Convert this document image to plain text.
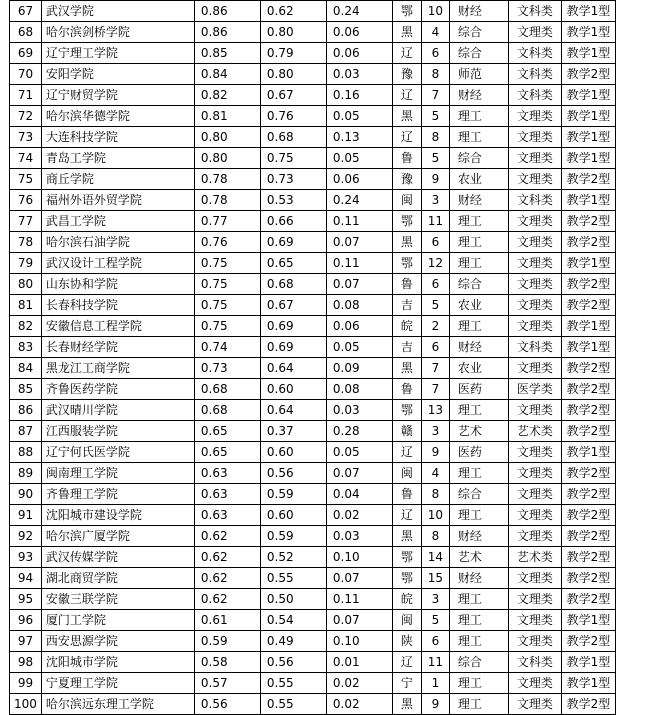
67	武汉学院	0.86	0.62	0.24	鄂	10	财经	文科类	教学1型
68	哈尔滨剑桥学院	0.86	0.80	0.06	黑	4	综合	文理类	教学1型
69	辽宁理工学院	0.85	0.79	0.06	辽	6	综合	文科类	教学1型
70	安阳学院	0.84	0.80	0.03	豫	8	师范	文科类	教学2型
71	辽宁财贸学院	0.82	0.67	0.16	辽	7	财经	文科类	教学1型
72	哈尔滨华德学院	0.81	0.76	0.05	黑	5	理工	文理类	教学1型
73	大连科技学院	0.80	0.68	0.13	辽	8	理工	文理类	教学1型
74	青岛工学院	0.80	0.75	0.05	鲁	5	综合	文理类	教学1型
75	商丘学院	0.78	0.73	0.06	豫	9	农业	文理类	教学2型
76	福州外语外贸学院	0.78	0.53	0.24	闽	3	财经	文科类	教学1型
77	武昌工学院	0.77	0.66	0.11	鄂	11	理工	文理类	教学2型
78	哈尔滨石油学院	0.76	0.69	0.07	黑	6	理工	文理类	教学2型
79	武汉设计工程学院	0.75	0.65	0.11	鄂	12	理工	文理类	教学1型
80	山东协和学院	0.75	0.68	0.07	鲁	6	综合	文理类	教学2型
81	长春科技学院	0.75	0.67	0.08	吉	5	农业	文理类	教学2型
82	安徽信息工程学院	0.75	0.69	0.06	皖	2	理工	文理类	教学1型
83	长春财经学院	0.74	0.69	0.05	吉	6	财经	文科类	教学1型
84	黑龙江工商学院	0.73	0.64	0.09	黑	7	农业	文理类	教学2型
85	齐鲁医药学院	0.68	0.60	0.08	鲁	7	医药	医学类	教学2型
86	武汉晴川学院	0.68	0.64	0.03	鄂	13	理工	文理类	教学2型
87	江西服装学院	0.65	0.37	0.28	赣	3	艺术	艺术类	教学2型
88	辽宁何氏医学院	0.65	0.60	0.05	辽	9	医药	文理类	教学1型
89	闽南理工学院	0.63	0.56	0.07	闽	4	理工	文理类	教学2型
90	齐鲁理工学院	0.63	0.59	0.04	鲁	8	综合	文理类	教学2型
91	沈阳城市建设学院	0.63	0.60	0.02	辽	10	理工	文理类	教学2型
92	哈尔滨广厦学院	0.62	0.59	0.03	黑	8	财经	文理类	教学2型
93	武汉传媒学院	0.62	0.52	0.10	鄂	14	艺术	艺术类	教学2型
94	湖北商贸学院	0.62	0.55	0.07	鄂	15	财经	文理类	教学2型
95	安徽三联学院	0.62	0.50	0.11	皖	3	理工	文理类	教学2型
96	厦门工学院	0.61	0.54	0.07	闽	5	理工	文理类	教学1型
97	西安思源学院	0.59	0.49	0.10	陕	6	理工	文理类	教学2型
98	沈阳城市学院	0.58	0.56	0.01	辽	11	综合	文科类	教学1型
99	宁夏理工学院	0.57	0.55	0.02	宁	1	理工	文理类	教学1型
100	哈尔滨远东理工学院	0.56	0.55	0.02	黑	9	理工	文理类	教学2型
